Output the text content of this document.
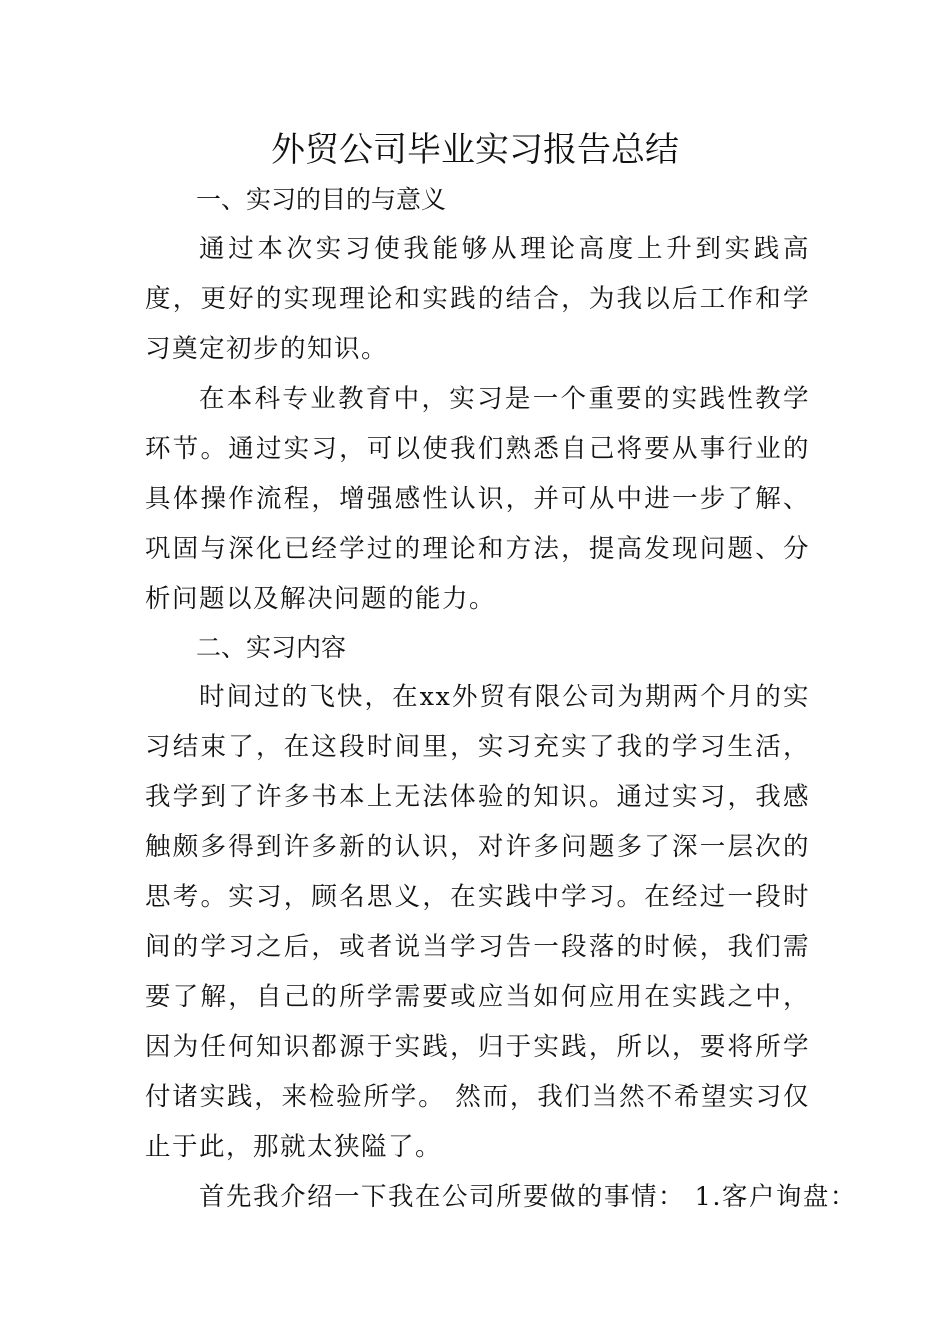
外贸公司毕业实习报告总结
一、实习的目的与意义

通过本次实习使我能够从理论高度上升到实践高度，更好的实现理论和实践的结合，为我以后工作和学习奠定初步的知识。

在本科专业教育中，实习是一个重要的实践性教学环节。通过实习，可以使我们熟悉自己将要从事行业的具体操作流程，增强感性认识，并可从中进一步了解、巩固与深化已经学过的理论和方法，提高发现问题、分析问题以及解决问题的能力。

二、实习内容

时间过的飞快，在xx外贸有限公司为期两个月的实习结束了，在这段时间里，实习充实了我的学习生活，我学到了许多书本上无法体验的知识。通过实习，我感触颇多得到许多新的认识，对许多问题多了深一层次的思考。实习，顾名思义，在实践中学习。在经过一段时间的学习之后，或者说当学习告一段落的时候，我们需要了解，自己的所学需要或应当如何应用在实践之中， 因为任何知识都源于实践，归于实践，所以，要将所学付诸实践，来检验所学。 然而，我们当然不希望实习仅止于此，那就太狭隘了。

首先我介绍一下我在公司所要做的事情： 1.客户询盘：
